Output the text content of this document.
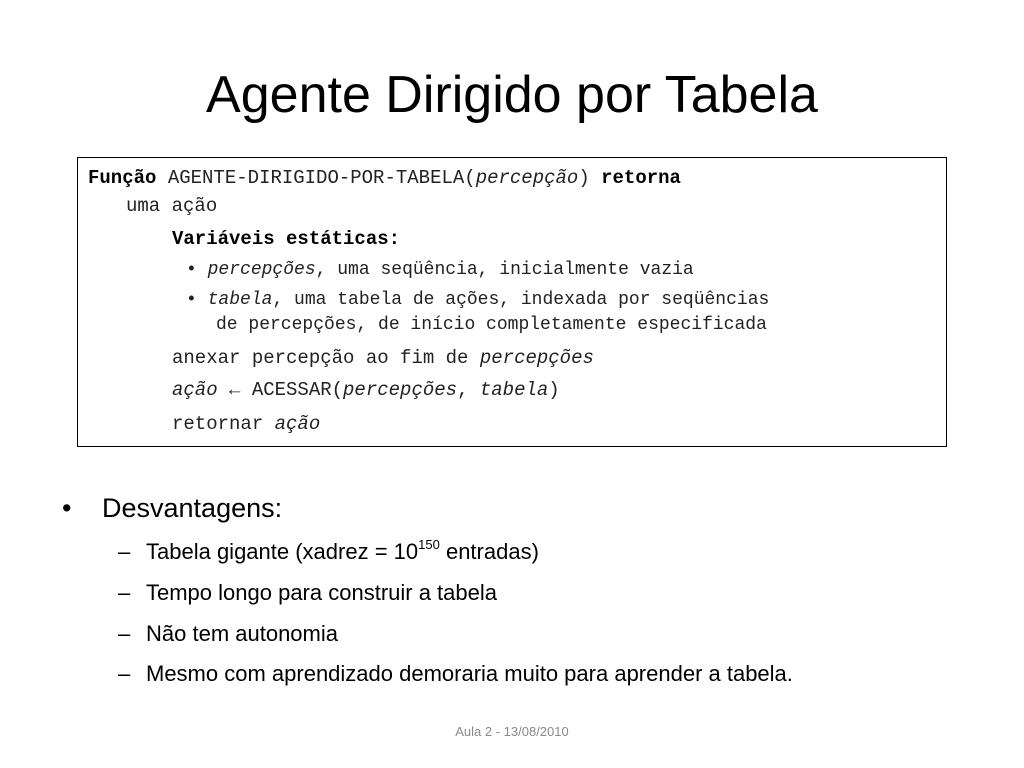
Agente Dirigido por Tabela
Função AGENTE-DIRIGIDO-POR-TABELA(percepção) retorna
uma ação
Variáveis estáticas:
• percepções, uma seqüência, inicialmente vazia
• tabela, uma tabela de ações, indexada por seqüências
de percepções, de início completamente especificada
anexar percepção ao fim de percepções
ação ← ACESSAR(percepções, tabela)
retornar ação
• Desvantagens:
– Tabela gigante (xadrez = $10^{150}$ entradas)
– Tempo longo para construir a tabela
– Não tem autonomia
– Mesmo com aprendizado demoraria muito para aprender a tabela.
Aula 2 - 13/08/2010
